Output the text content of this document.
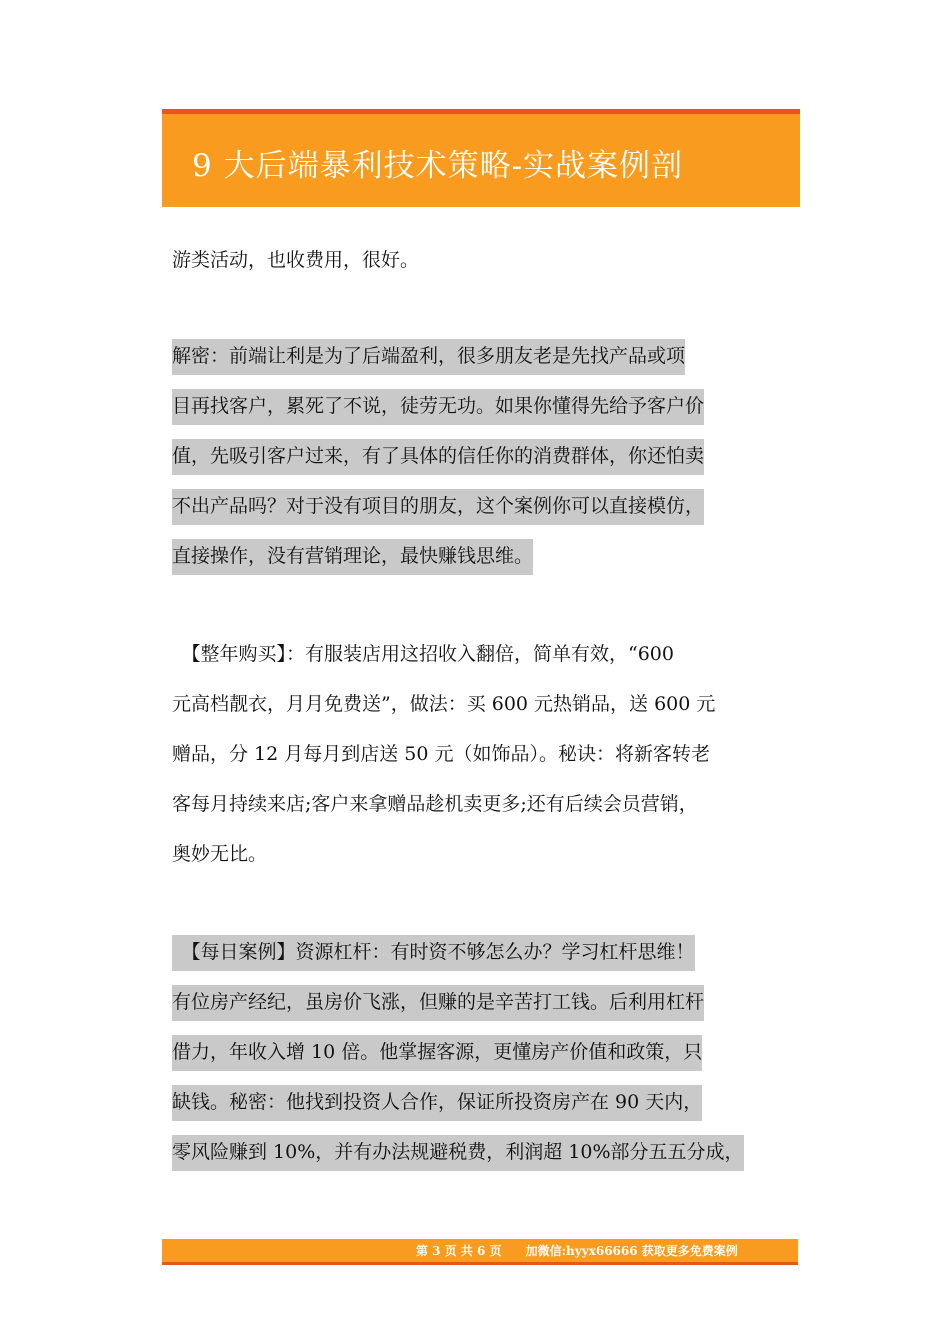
9 大后端暴利技术策略-实战案例剖
游类活动，也收费用，很好。
解密：前端让利是为了后端盈利，很多朋友老是先找产品或项
目再找客户，累死了不说，徒劳无功。如果你懂得先给予客户价
值，先吸引客户过来，有了具体的信任你的消费群体，你还怕卖
不出产品吗？对于没有项目的朋友，这个案例你可以直接模仿，
直接操作，没有营销理论，最快赚钱思维。
　【整年购买】：有服装店用这招收入翻倍，简单有效，“600
元高档靓衣，月月免费送”，做法：买 600 元热销品，送 600 元
赠品，分 12 月每月到店送 50 元（如饰品）。秘诀：将新客转老
客每月持续来店;客户来拿赠品趁机卖更多;还有后续会员营销，
奥妙无比。
　【每日案例】资源杠杆：有时资不够怎么办？学习杠杆思维！
有位房产经纪，虽房价飞涨，但赚的是辛苦打工钱。后利用杠杆
借力，年收入增 10 倍。他掌握客源，更懂房产价值和政策，只
缺钱。秘密：他找到投资人合作，保证所投资房产在 90 天内，
零风险赚到 10%，并有办法规避税费，利润超 10%部分五五分成，
第 3 页 共 6 页　　加微信:hyyx66666 获取更多免费案例
